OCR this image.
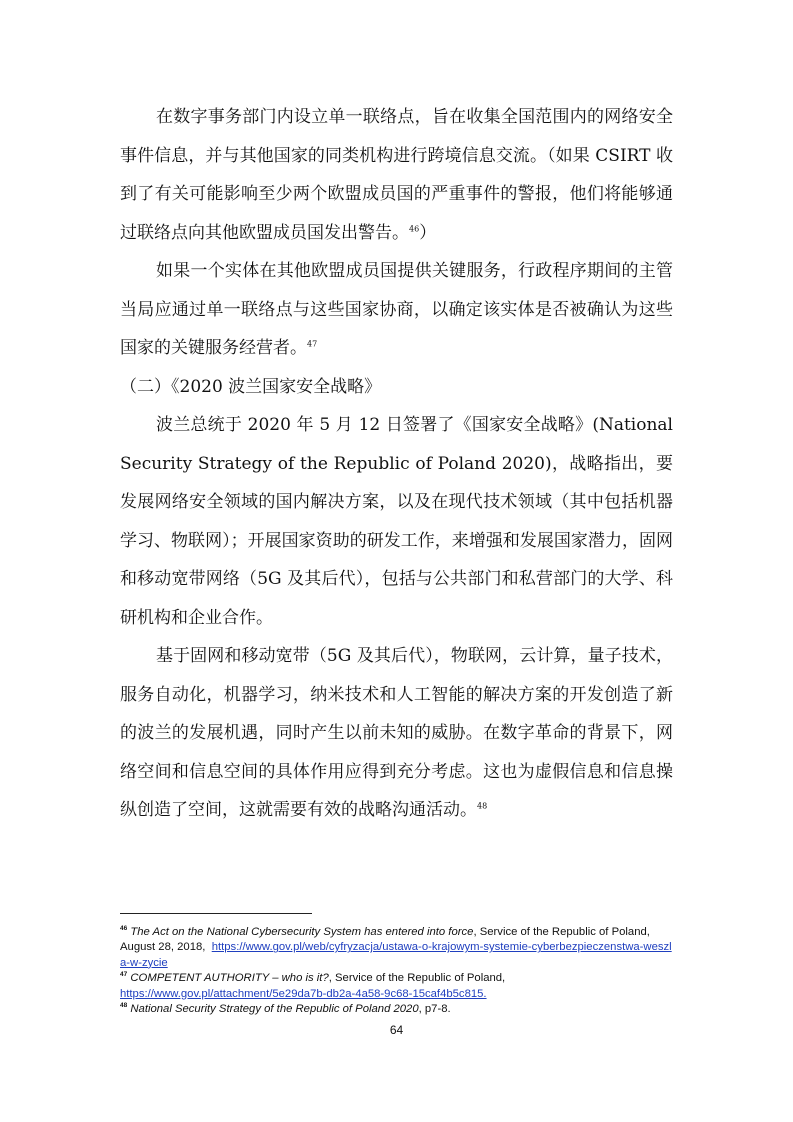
在数字事务部门内设立单一联络点，旨在收集全国范围内的网络安全事件信息，并与其他国家的同类机构进行跨境信息交流。（如果 CSIRT 收到了有关可能影响至少两个欧盟成员国的严重事件的警报，他们将能够通过联络点向其他欧盟成员国发出警告。$^{46}$）

如果一个实体在其他欧盟成员国提供关键服务，行政程序期间的主管当局应通过单一联络点与这些国家协商，以确定该实体是否被确认为这些国家的关键服务经营者。$^{47}$

（二）《2020 波兰国家安全战略》

波兰总统于 2020 年 5 月 12 日签署了《国家安全战略》(National Security Strategy of the Republic of Poland 2020)，战略指出，要发展网络安全领域的国内解决方案，以及在现代技术领域（其中包括机器学习、物联网）；开展国家资助的研发工作，来增强和发展国家潜力，固网和移动宽带网络（5G 及其后代），包括与公共部门和私营部门的大学、科研机构和企业合作。

基于固网和移动宽带（5G 及其后代），物联网，云计算，量子技术，服务自动化，机器学习，纳米技术和人工智能的解决方案的开发创造了新的波兰的发展机遇，同时产生以前未知的威胁。在数字革命的背景下，网络空间和信息空间的具体作用应得到充分考虑。这也为虚假信息和信息操纵创造了空间，这就需要有效的战略沟通活动。$^{48}$

$^{46}$ The Act on the National Cybersecurity System has entered into force, Service of the Republic of Poland, August 28, 2018, https://www.gov.pl/web/cyfryzacja/ustawa-o-krajowym-systemie-cyberbezpieczenstwa-weszla-w-zycie

$^{47}$ COMPETENT AUTHORITY – who is it?, Service of the Republic of Poland,
https://www.gov.pl/attachment/5e29da7b-db2a-4a58-9c68-15caf4b5c815.

$^{48}$ National Security Strategy of the Republic of Poland 2020, p7-8.

64
